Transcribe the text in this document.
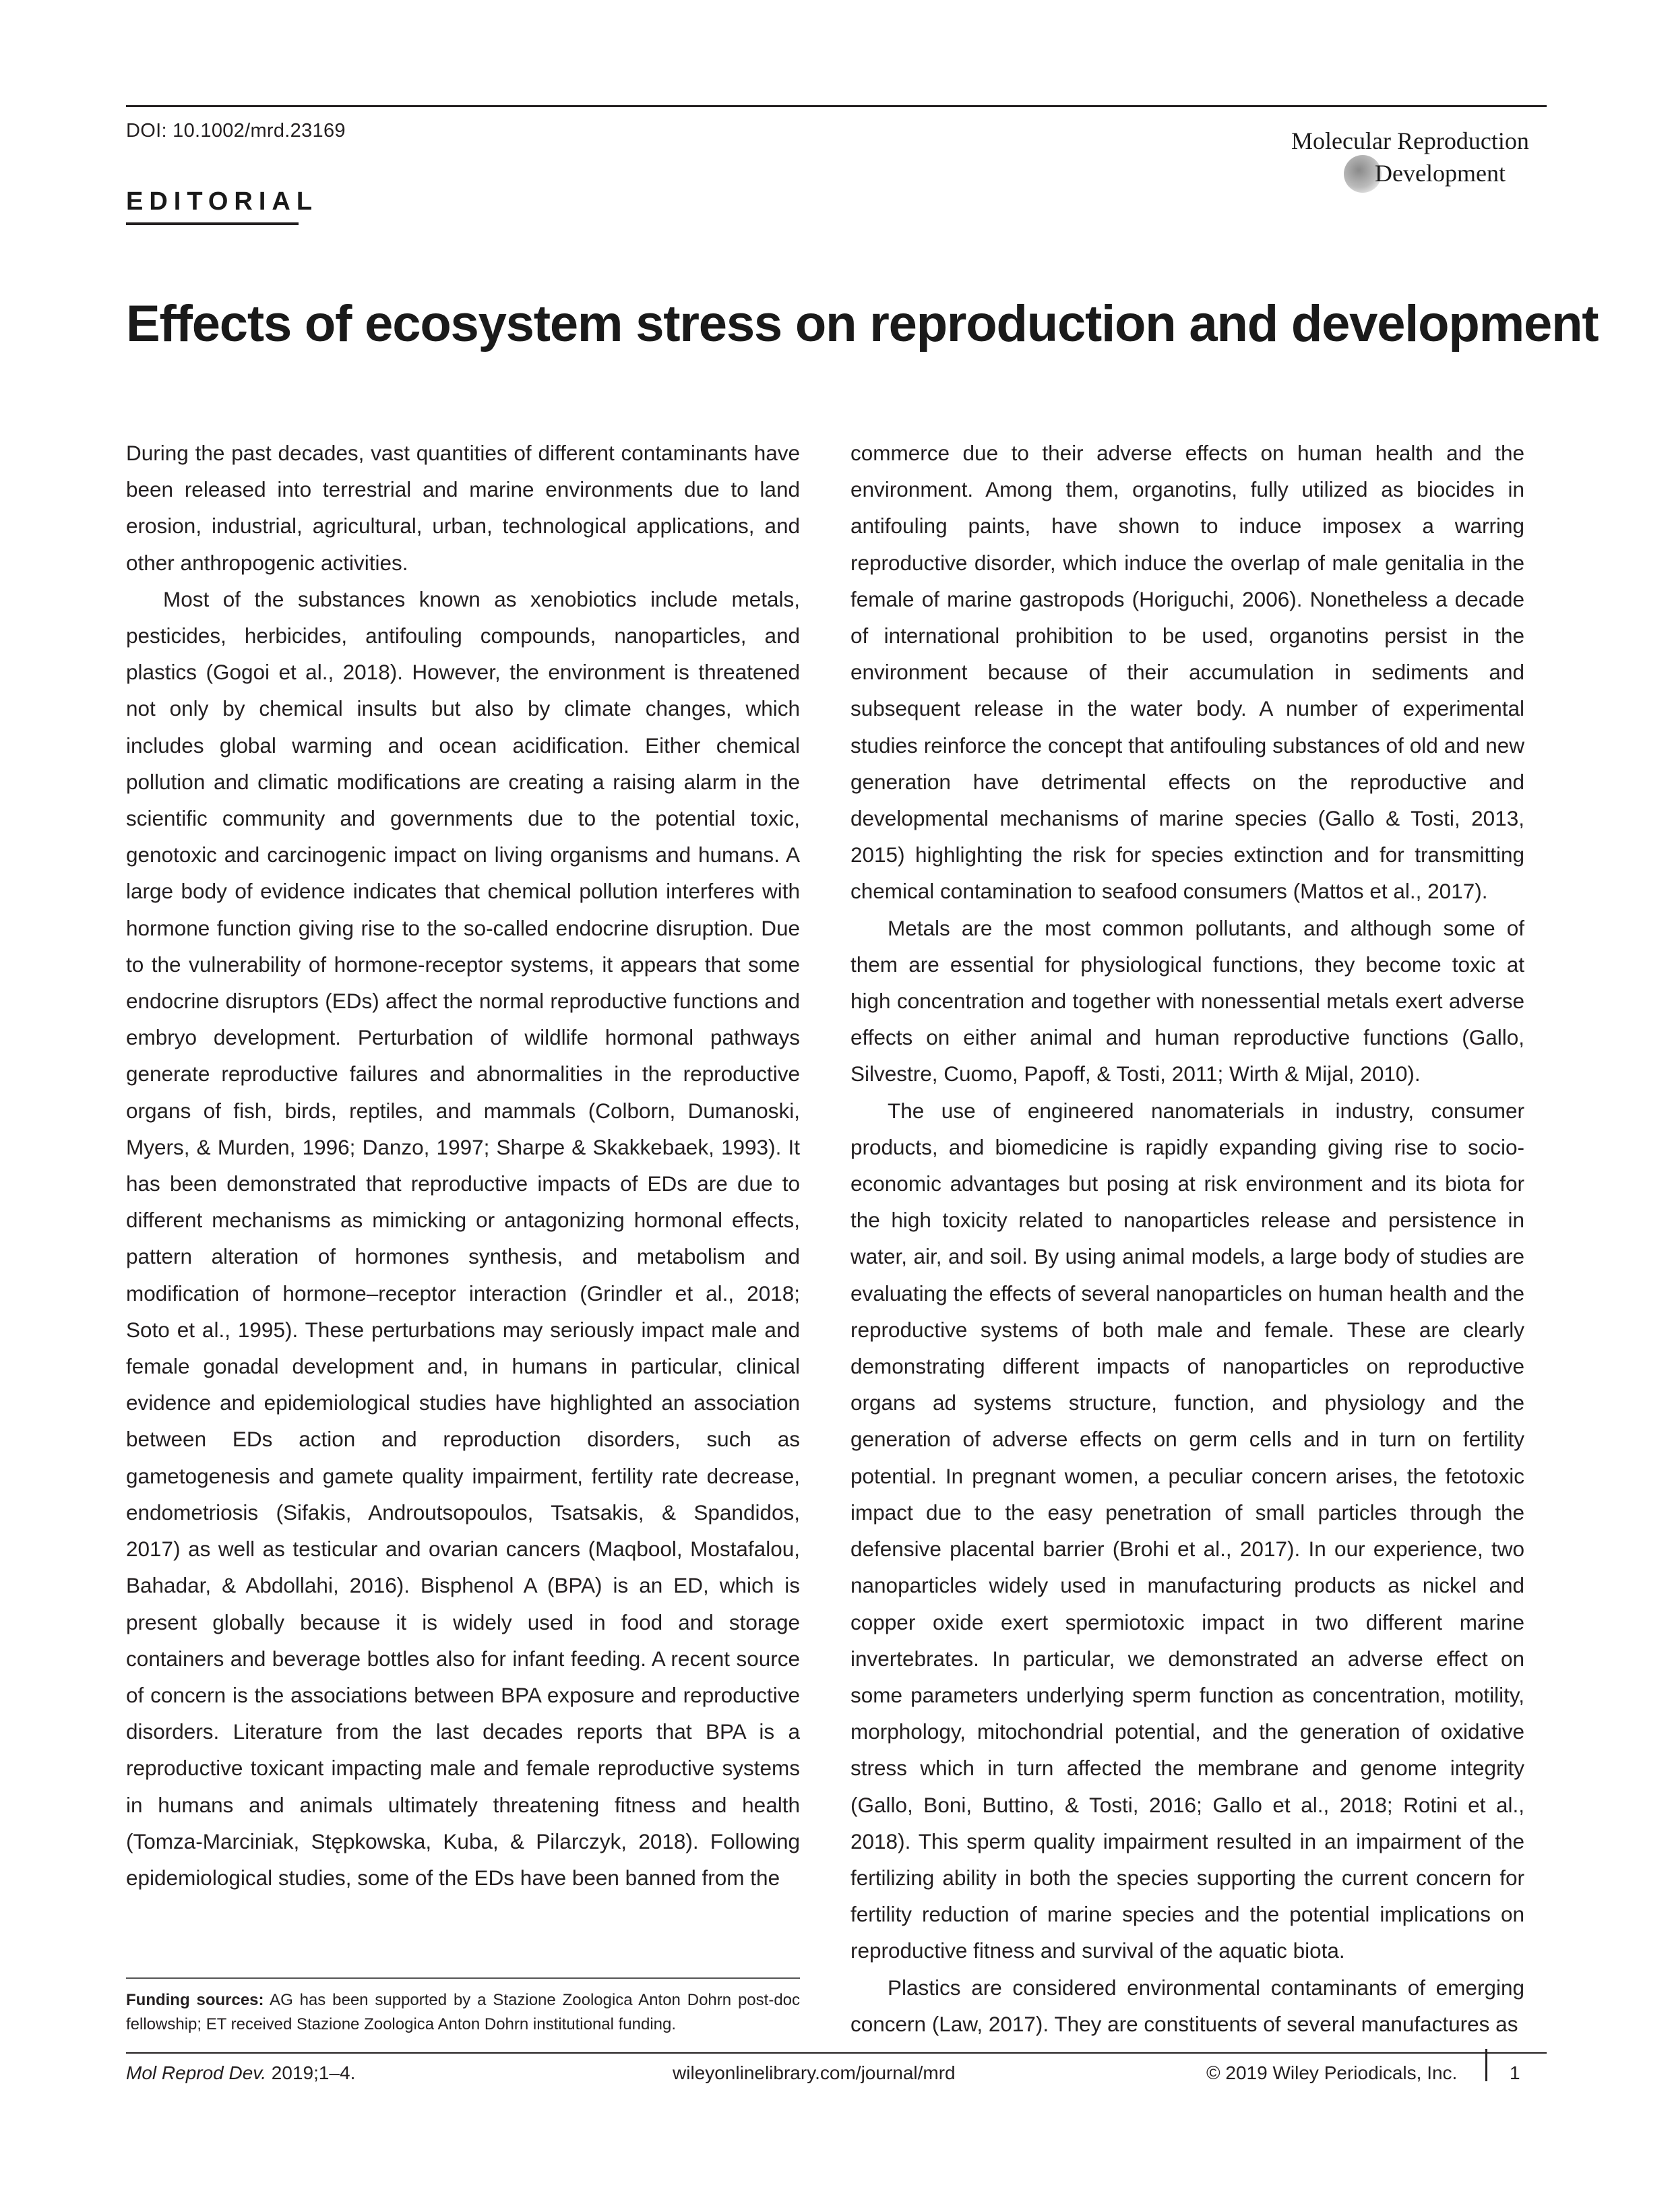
DOI: 10.1002/mrd.23169
EDITORIAL
Molecular Reproduction
Development
Effects of ecosystem stress on reproduction and development

During the past decades, vast quantities of different contaminants have been released into terrestrial and marine environments due to land erosion, industrial, agricultural, urban, technological applications, and other anthropogenic activities.

Most of the substances known as xenobiotics include metals, pesticides, herbicides, antifouling compounds, nanoparticles, and plastics (Gogoi et al., 2018). However, the environment is threatened not only by chemical insults but also by climate changes, which includes global warming and ocean acidification. Either chemical pollution and climatic modifications are creating a raising alarm in the scientific community and governments due to the potential toxic, genotoxic and carcinogenic impact on living organisms and humans. A large body of evidence indicates that chemical pollution interferes with hormone function giving rise to the so-called endocrine disruption. Due to the vulnerability of hormone-receptor systems, it appears that some endocrine disruptors (EDs) affect the normal reproductive functions and embryo development. Perturbation of wildlife hormonal pathways generate reproductive failures and abnormalities in the reproductive organs of fish, birds, reptiles, and mammals (Colborn, Dumanoski, Myers, & Murden, 1996; Danzo, 1997; Sharpe & Skakkebaek, 1993). It has been demonstrated that reproductive impacts of EDs are due to different mechanisms as mimicking or antagonizing hormonal effects, pattern alteration of hormones synthesis, and metabolism and modification of hormone–receptor interaction (Grindler et al., 2018; Soto et al., 1995). These perturbations may seriously impact male and female gonadal development and, in humans in particular, clinical evidence and epidemiological studies have highlighted an association between EDs action and reproduction disorders, such as gametogenesis and gamete quality impairment, fertility rate decrease, endometriosis (Sifakis, Androutsopoulos, Tsatsakis, & Spandidos, 2017) as well as testicular and ovarian cancers (Maqbool, Mostafalou, Bahadar, & Abdollahi, 2016). Bisphenol A (BPA) is an ED, which is present globally because it is widely used in food and storage containers and beverage bottles also for infant feeding. A recent source of concern is the associations between BPA exposure and reproductive disorders. Literature from the last decades reports that BPA is a reproductive toxicant impacting male and female reproductive systems in humans and animals ultimately threatening fitness and health (Tomza-Marciniak, Stępkowska, Kuba, & Pilarczyk, 2018). Following epidemiological studies, some of the EDs have been banned from the

commerce due to their adverse effects on human health and the environment. Among them, organotins, fully utilized as biocides in antifouling paints, have shown to induce imposex a warring reproductive disorder, which induce the overlap of male genitalia in the female of marine gastropods (Horiguchi, 2006). Nonetheless a decade of international prohibition to be used, organotins persist in the environment because of their accumulation in sediments and subsequent release in the water body. A number of experimental studies reinforce the concept that antifouling substances of old and new generation have detrimental effects on the reproductive and developmental mechanisms of marine species (Gallo & Tosti, 2013, 2015) highlighting the risk for species extinction and for transmitting chemical contamination to seafood consumers (Mattos et al., 2017).

Metals are the most common pollutants, and although some of them are essential for physiological functions, they become toxic at high concentration and together with nonessential metals exert adverse effects on either animal and human reproductive functions (Gallo, Silvestre, Cuomo, Papoff, & Tosti, 2011; Wirth & Mijal, 2010).

The use of engineered nanomaterials in industry, consumer products, and biomedicine is rapidly expanding giving rise to socio-economic advantages but posing at risk environment and its biota for the high toxicity related to nanoparticles release and persistence in water, air, and soil. By using animal models, a large body of studies are evaluating the effects of several nanoparticles on human health and the reproductive systems of both male and female. These are clearly demonstrating different impacts of nanoparticles on reproductive organs ad systems structure, function, and physiology and the generation of adverse effects on germ cells and in turn on fertility potential. In pregnant women, a peculiar concern arises, the fetotoxic impact due to the easy penetration of small particles through the defensive placental barrier (Brohi et al., 2017). In our experience, two nanoparticles widely used in manufacturing products as nickel and copper oxide exert spermiotoxic impact in two different marine invertebrates. In particular, we demonstrated an adverse effect on some parameters underlying sperm function as concentration, motility, morphology, mitochondrial potential, and the generation of oxidative stress which in turn affected the membrane and genome integrity (Gallo, Boni, Buttino, & Tosti, 2016; Gallo et al., 2018; Rotini et al., 2018). This sperm quality impairment resulted in an impairment of the fertilizing ability in both the species supporting the current concern for fertility reduction of marine species and the potential implications on reproductive fitness and survival of the aquatic biota.

Plastics are considered environmental contaminants of emerging concern (Law, 2017). They are constituents of several manufactures as

Funding sources: AG has been supported by a Stazione Zoologica Anton Dohrn post-doc fellowship; ET received Stazione Zoologica Anton Dohrn institutional funding.
Mol Reprod Dev. 2019;1–4.	wileyonlinelibrary.com/journal/mrd	© 2019 Wiley Periodicals, Inc.	1
